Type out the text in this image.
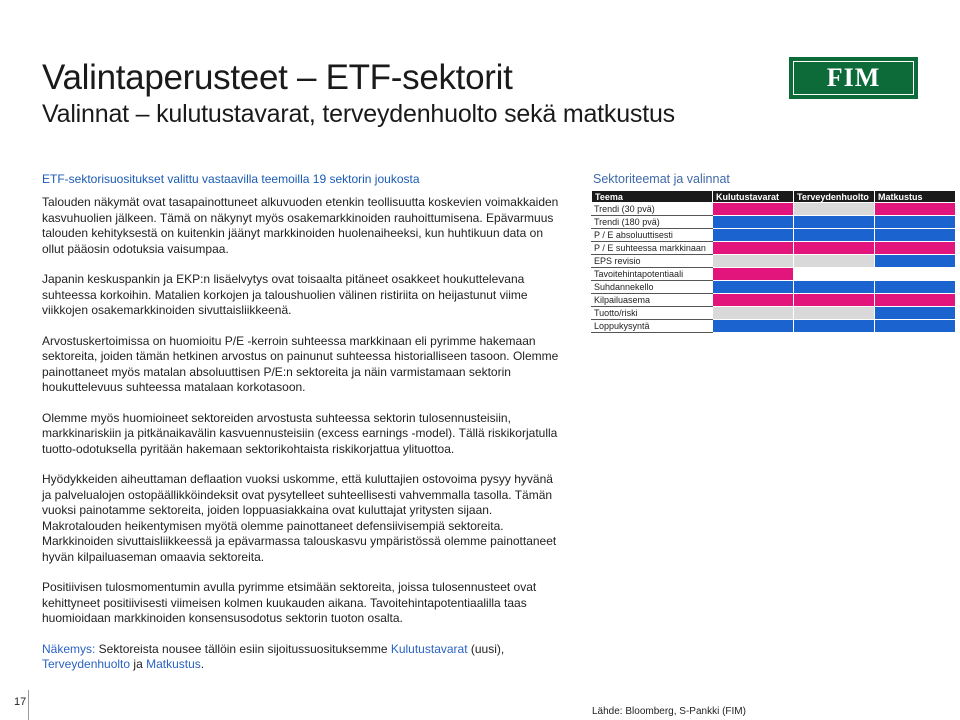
Valintaperusteet – ETF-sektorit
Valinnat – kulutustavarat, terveydenhuolto sekä matkustus
FIM
ETF-sektorisuositukset valittu vastaavilla teemoilla 19 sektorin joukosta

Talouden näkymät ovat tasapainottuneet alkuvuoden etenkin teollisuutta koskevien voimakkaiden kasvuhuolien jälkeen. Tämä on näkynyt myös osakemarkkinoiden rauhoittumisena. Epävarmuus talouden kehityksestä on kuitenkin jäänyt markkinoiden huolenaiheeksi, kun huhtikuun data on ollut pääosin odotuksia vaisumpaa.

Japanin keskuspankin ja EKP:n lisäelvytys ovat toisaalta pitäneet osakkeet houkuttelevana suhteessa korkoihin. Matalien korkojen ja taloushuolien välinen ristiriita on heijastunut viime viikkojen osakemarkkinoiden sivuttaisliikkeenä.

Arvostuskertoimissa on huomioitu P/E -kerroin suhteessa markkinaan eli pyrimme hakemaan sektoreita, joiden tämän hetkinen arvostus on painunut suhteessa historialliseen tasoon. Olemme painottaneet myös matalan absoluuttisen P/E:n sektoreita ja näin varmistamaan sektorin houkuttelevuus suhteessa matalaan korkotasoon.

Olemme myös huomioineet sektoreiden arvostusta suhteessa sektorin tulosennusteisiin, markkinariskiin ja pitkänaikavälin kasvuennusteisiin (excess earnings -model). Tällä riskikorjatulla tuotto-odotuksella pyritään hakemaan sektorikohtaista riskikorjattua ylituottoa.

Hyödykkeiden aiheuttaman deflaation vuoksi uskomme, että kuluttajien ostovoima pysyy hyvänä ja palvelualojen ostopäällikköindeksit ovat pysytelleet suhteellisesti vahvemmalla tasolla. Tämän vuoksi painotamme sektoreita, joiden loppuasiakkaina ovat kuluttajat yritysten sijaan. Makrotalouden heikentymisen myötä olemme painottaneet defensiivisempiä sektoreita. Markkinoiden sivuttaisliikkeessä ja epävarmassa talouskasvu ympäristössä olemme painottaneet hyvän kilpailuaseman omaavia sektoreita.

Positiivisen tulosmomentumin avulla pyrimme etsimään sektoreita, joissa tulosennusteet ovat kehittyneet positiivisesti viimeisen kolmen kuukauden aikana. Tavoitehintapotentiaalilla taas huomioidaan markkinoiden konsensusodotus sektorin tuoton osalta.

Näkemys: Sektoreista nousee tällöin esiin sijoitussuosituksemme Kulutustavarat (uusi),
Terveydenhuolto ja Matkustus.

Sektoriteemat ja valinnat
Teema	Kulutustavarat	Terveydenhuolto	Matkustus
Trendi (30 pvä)			
Trendi (180 pvä)			
P / E absoluuttisesti			
P / E suhteessa markkinaan			
EPS revisio			
Tavoitehintapotentiaali			
Suhdannekello			
Kilpailuasema			
Tuotto/riski			
Loppukysyntä			
17
Lähde: Bloomberg, S-Pankki (FIM)
